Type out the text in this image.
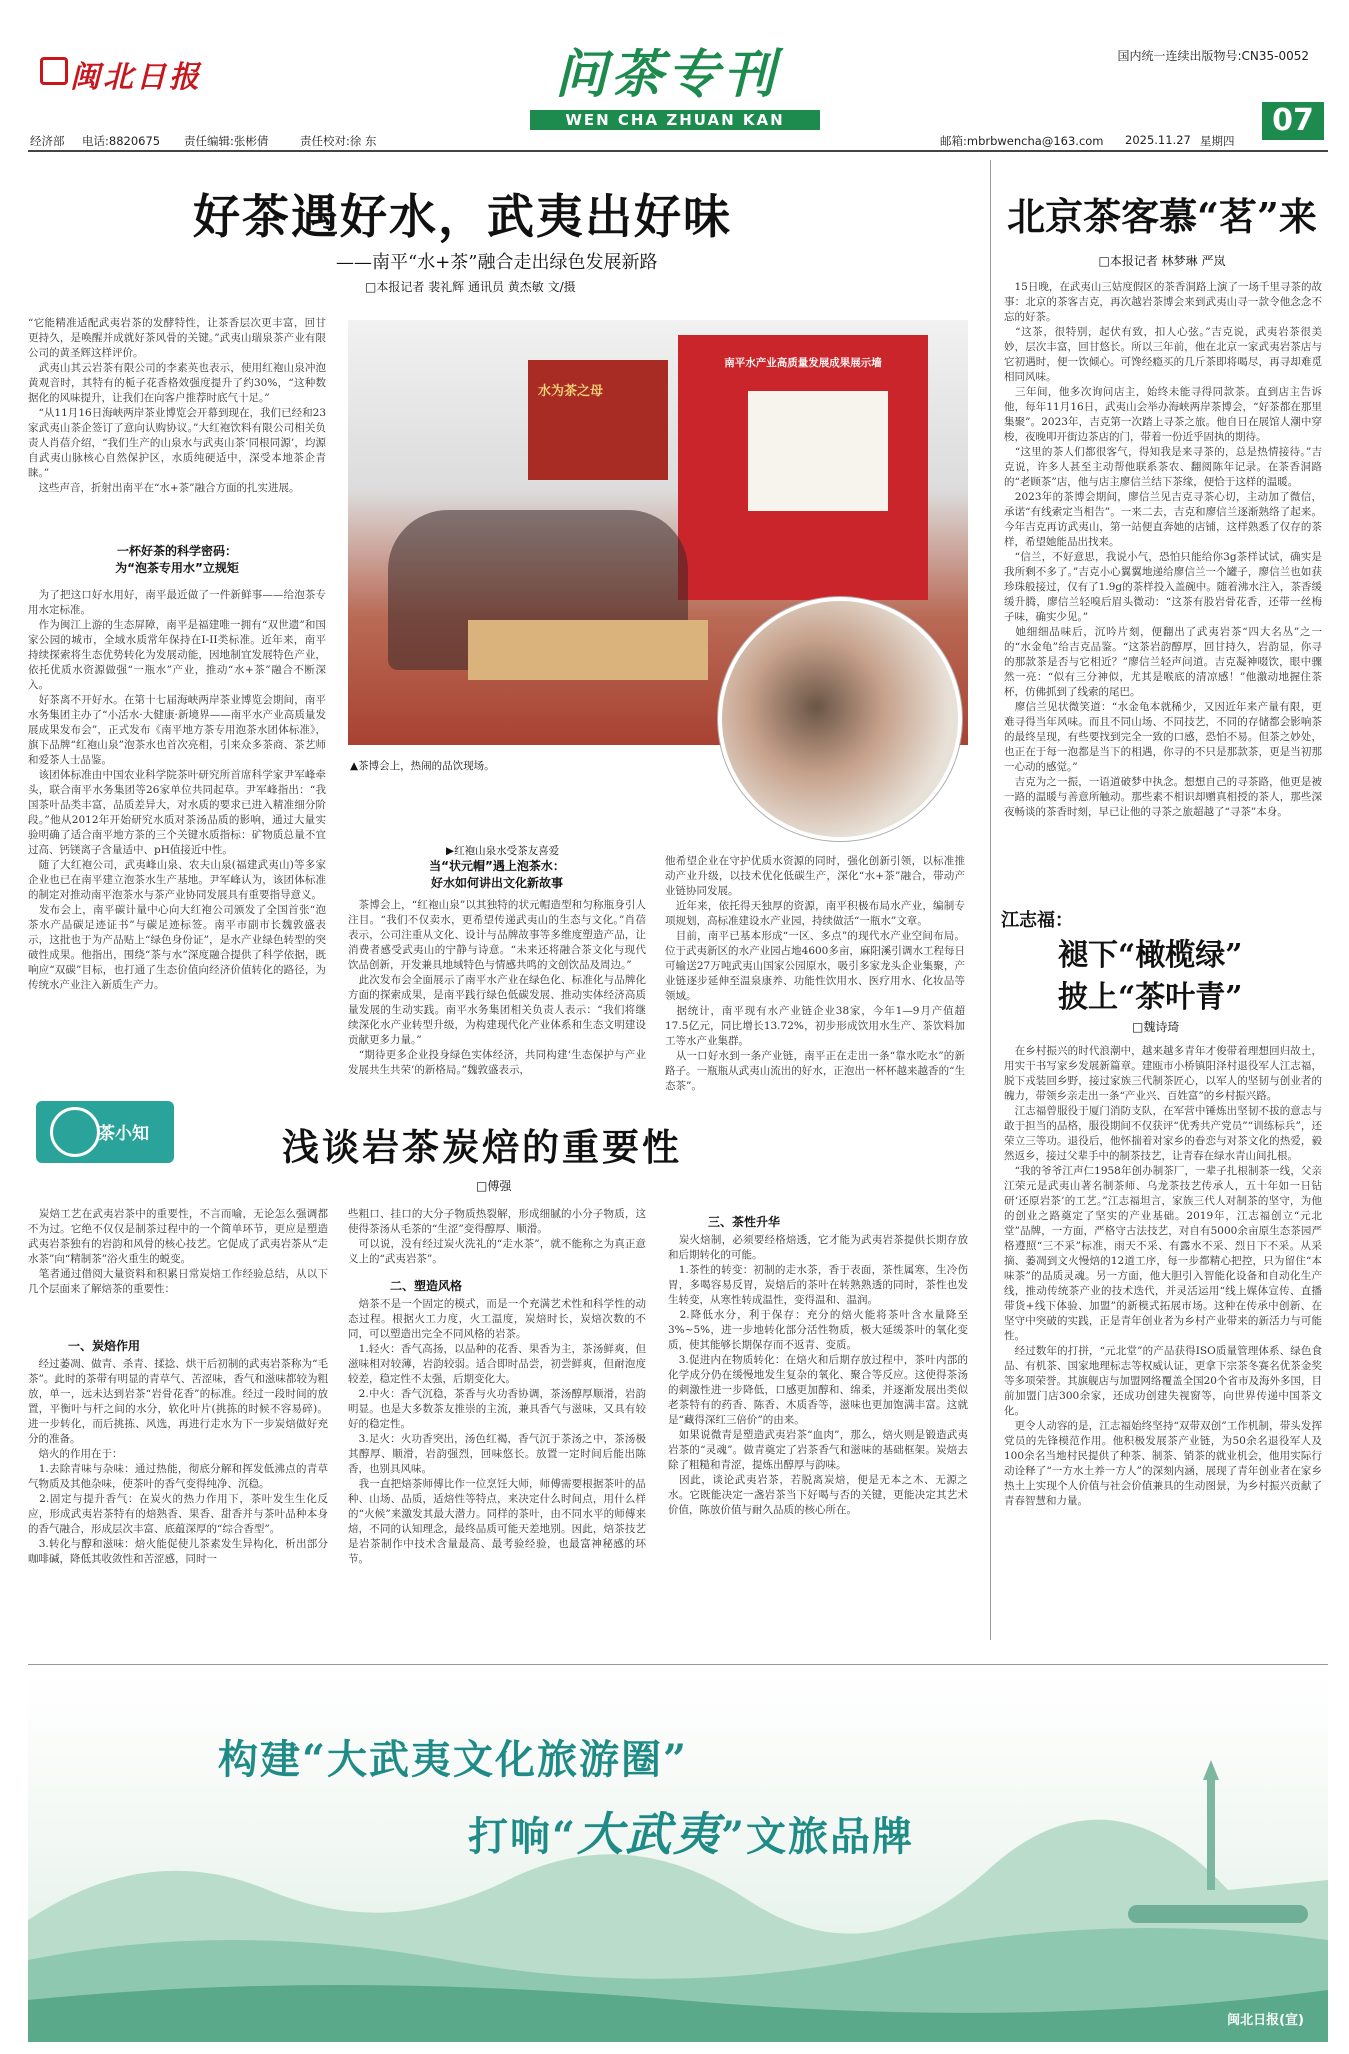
闽北日报	问茶专刊
WEN CHA ZHUAN KAN
国内统一连续出版物号:CN35-0052
07
经济部 电话:8820675 责任编辑:张彬倩	责任校对:徐 东	邮箱:mbrbwencha@163.com 2025.11.27 星期四
好茶遇好水，武夷出好味
——南平“水+茶”融合走出绿色发展新路
□本报记者 裴礼辉 通讯员 黄杰敏 文/摄
“它能精准适配武夷岩茶的发酵特性，让茶香层次更丰富，回甘更持久，是唤醒并成就好茶风骨的关键。”武夷山瑞泉茶产业有限公司的黄圣辉这样评价。
　武夷山其云岩茶有限公司的李素英也表示，使用红袍山泉冲泡黄观音时，其特有的栀子花香格效强度提升了约30%，“这种数据化的风味提升，让我们在向客户推荐时底气十足。”
　“从11月16日海峡两岸茶业博览会开幕到现在，我们已经和23家武夷山茶企签订了意向认购协议。”大红袍饮料有限公司相关负责人肖蓓介绍，“我们生产的山泉水与武夷山茶‘同根同源’，均源自武夷山脉核心自然保护区，水质纯硬适中，深受本地茶企青睐。”
　这些声音，折射出南平在“水+茶”融合方面的扎实进展。
一杯好茶的科学密码：
为“泡茶专用水”立规矩
　为了把这口好水用好，南平最近做了一件新鲜事——给泡茶专用水定标准。
　作为闽江上游的生态屏障，南平是福建唯一拥有“双世遗”和国家公园的城市，全域水质常年保持在I-II类标准。近年来，南平持续探索将生态优势转化为发展动能，因地制宜发展特色产业，依托优质水资源做强“一瓶水”产业，推动“水+茶”融合不断深入。
　好茶离不开好水。在第十七届海峡两岸茶业博览会期间，南平水务集团主办了“小活水·大健康·新境界——南平水产业高质量发展成果发布会”，正式发布《南平地方茶专用泡茶水团体标准》，旗下品牌“红袍山泉”泡茶水也首次亮相，引来众多茶商、茶艺师和爱茶人士品鉴。
　该团体标准由中国农业科学院茶叶研究所首席科学家尹军峰牵头，联合南平水务集团等26家单位共同起草。尹军峰指出：“我国茶叶品类丰富，品质差异大，对水质的要求已进入精准细分阶段。”他从2012年开始研究水质对茶汤品质的影响，通过大量实验明确了适合南平地方茶的三个关键水质指标：矿物质总量不宜过高、钙镁离子含量适中、pH值接近中性。
　随了大红袍公司，武夷峰山泉、农夫山泉(福建武夷山)等多家企业也已在南平建立泡茶水生产基地。尹军峰认为，该团体标准的制定对推动南平泡茶水与茶产业协同发展具有重要指导意义。
　发布会上，南平碳计量中心向大红袍公司颁发了全国首张“泡茶水产品碳足迹证书”与碳足迹标签。南平市副市长魏敦盛表示，这批也于为产品贴上“绿色身份证”，是水产业绿色转型的突破性成果。他指出，围绕“茶与水”深度融合提供了科学依据，既响应“双碳”目标，也打通了生态价值向经济价值转化的路径，为传统水产业注入新质生产力。
南平水产业高质量发展成果展示墙
水为茶之母
▲茶博会上，热闹的品饮现场。
▶红袍山泉水受茶友喜爱
当“状元帽”遇上泡茶水：
好水如何讲出文化新故事
　茶博会上，“红袍山泉”以其独特的状元帽造型和匀称瓶身引人注目。“我们不仅卖水，更希望传递武夷山的生态与文化。”肖蓓表示，公司注重从文化、设计与品牌故事等多维度塑造产品，让消费者感受武夷山的宁静与诗意。“未来还将融合茶文化与现代饮品创新，开发兼具地域特色与情感共鸣的文创饮品及周边。”
　此次发布会全面展示了南平水产业在绿色化、标准化与品牌化方面的探索成果，是南平践行绿色低碳发展、推动实体经济高质量发展的生动实践。南平水务集团相关负责人表示：“我们将继续深化水产业转型升级，为构建现代化产业体系和生态文明建设贡献更多力量。”
　“期待更多企业投身绿色实体经济，共同构建‘生态保护与产业发展共生共荣’的新格局。”魏敦盛表示，
他希望企业在守护优质水资源的同时，强化创新引领，以标准推动产业升级，以技术优化低碳生产，深化“水+茶”融合，带动产业链协同发展。
　近年来，依托得天独厚的资源，南平积极布局水产业，编制专项规划，高标准建设水产业园，持续做活“一瓶水”文章。
　目前，南平已基本形成“一区、多点”的现代水产业空间布局。位于武夷新区的水产业园占地4600多亩，麻阳溪引调水工程每日可输送27万吨武夷山国家公园原水，吸引多家龙头企业集聚，产业链逐步延伸至温泉康养、功能性饮用水、医疗用水、化妆品等领域。
　据统计，南平现有水产业链企业38家，今年1—9月产值超17.5亿元，同比增长13.72%，初步形成饮用水生产、茶饮料加工等水产业集群。
　从一口好水到一条产业链，南平正在走出一条“靠水吃水”的新路子。一瓶瓶从武夷山流出的好水，正泡出一杯杯越来越香的“生态茶”。
北京茶客慕“茗”来
□本报记者 林梦琳 严岚
　15日晚，在武夷山三姑度假区的茶香洞路上演了一场千里寻茶的故事：北京的茶客吉克，再次越岩茶博会来到武夷山寻一款令他念念不忘的好茶。
　“这茶，很特别，起伏有致，扣人心弦。”吉克说，武夷岩茶很美妙，层次丰富，回甘悠长。所以三年前，他在北京一家武夷岩茶店与它初遇时，便一饮倾心。可馋经瘾买的几斤茶即将喝尽，再寻却难觅相同风味。
　三年间，他多次询问店主，始终未能寻得同款茶。直到店主告诉他，每年11月16日，武夷山会举办海峡两岸茶博会，“好茶都在那里集聚”。2023年，吉克第一次踏上寻茶之旅。他自日在展馆人潮中穿梭，夜晚叩开街边茶店的门，带着一份近乎固执的期待。
　“这里的茶人们都很客气，得知我是来寻茶的，总是热情接待。”吉克说，许多人甚至主动帮他联系茶农、翻阅陈年记录。在茶香洞路的“老顾茶”店，他与店主廖信兰结下茶缘，便恰于这样的温暖。
　2023年的茶博会期间，廖信兰见吉克寻茶心切，主动加了微信，承诺“有线索定当相告”。一来二去，吉克和廖信兰逐渐熟络了起来。今年吉克再访武夷山，第一站便直奔她的店铺，这样熟悉了仅存的茶样，希望她能品出找来。
　“信兰，不好意思，我说小气，恐怕只能给你3g茶样试试，确实是我所剩不多了。”吉克小心翼翼地递给廖信兰一个罐子，廖信兰也如获珍珠般接过，仅有了1.9g的茶样投入盖碗中。随着沸水注入，茶香缓缓升腾，廖信兰轻嗅后眉头微动：“这茶有股岩骨花香，还带一丝梅子味，确实少见。”
　她细细品味后，沉吟片刻，便翻出了武夷岩茶“四大名丛”之一的“水金龟”给吉克品鉴。“这茶岩韵醇厚，回甘持久，岩韵显，你寻的那款茶是否与它相近？”廖信兰轻声问道。吉克凝神啜饮，眼中骤然一亮：“似有三分神似，尤其是喉底的清凉感！”他激动地握住茶杯，仿佛抓到了线索的尾巴。
　廖信兰见状微笑道：“水金龟本就稀少，又因近年来产量有限，更难寻得当年风味。而且不同山场、不同技艺，不同的存储都会影响茶的最终呈现，有些要找到完全一致的口感，恐怕不易。但茶之妙处，也正在于每一泡都是当下的相遇，你寻的不只是那款茶，更是当初那一心动的感觉。”
　吉克为之一振，一语道破梦中执念。想想自己的寻茶路，他更是被一路的温暖与善意所触动。那些素不相识却赠真相授的茶人，那些深夜畅谈的茶香时刻，早已让他的寻茶之旅超越了“寻茶”本身。
江志福：
褪下“橄榄绿”
披上“茶叶青”
□魏诗琦
　在乡村振兴的时代浪潮中，越来越多青年才俊带着理想回归故土，用实干书写家乡发展新篇章。建瓯市小桥镇阳泽村退役军人江志福，脱下戎装回乡野，接过家族三代制茶匠心，以军人的坚韧与创业者的魄力，带领乡亲走出一条“产业兴、百姓富”的乡村振兴路。
　江志福曾服役于厦门消防支队，在军营中锤炼出坚韧不拔的意志与敢于担当的品格，服役期间不仅获评“优秀共产党员”“训练标兵”，还荣立三等功。退役后，他怀揣着对家乡的眷恋与对茶文化的热爱，毅然返乡，接过父辈手中的制茶技艺，让青春在绿水青山间扎根。
　“我的爷爷江声仁1958年创办制茶厂，一辈子扎根制茶一线，父亲江荣元是武夷山著名制茶师、乌龙茶技艺传承人，五十年如一日钻研‘还原岩茶’的工艺。”江志福坦言，家族三代人对制茶的坚守，为他的创业之路奠定了坚实的产业基础。2019年，江志福创立“元北堂”品牌，一方面，严格守古法技艺，对自有5000余亩原生态茶园严格遵照“三不采”标准，雨天不采、有露水不采、烈日下不采。从采摘、萎凋到文火慢焙的12道工序，每一步都精心把控，只为留住“本味茶”的品质灵魂。另一方面，他大胆引入智能化设备和自动化生产线，推动传统茶产业的技术迭代，并灵活运用“线上媒体宣传、直播带货+线下体验、加盟”的新模式拓展市场。这种在传承中创新、在坚守中突破的实践，正是青年创业者为乡村产业带来的新活力与可能性。
　经过数年的打拼，“元北堂”的产品获得ISO质量管理体系、绿色食品、有机茶、国家地理标志等权威认证，更拿下宗茶冬赛名优茶金奖等多项荣誉。其旗舰店与加盟网络覆盖全国20个省市及海外多国，目前加盟门店300余家，还成功创建失视窗等，向世界传递中国茶文化。
　更令人动容的是，江志福始终坚持“双带双创”工作机制，带头发挥党员的先锋模范作用。他积极发展茶产业链，为50余名退役军人及100余名当地村民提供了种茶、制茶、销茶的就业机会，他用实际行动诠释了“一方水土养一方人”的深刻内涵，展现了青年创业者在家乡热土上实现个人价值与社会价值兼具的生动图景，为乡村振兴贡献了青春智慧和力量。
茶小知	浅谈岩茶炭焙的重要性
□傅强
　炭焙工艺在武夷岩茶中的重要性，不言而喻，无论怎么强调都不为过。它绝不仅仅是制茶过程中的一个简单环节，更应是塑造武夷岩茶独有的岩韵和风骨的核心技艺。它促成了武夷岩茶从“走水茶”向“精制茶”浴火重生的蜕变。
　笔者通过借阅大量资料和积累日常炭焙工作经验总结，从以下几个层面来了解焙茶的重要性：
一、炭焙作用
　经过萎凋、做青、杀青、揉捻、烘干后初制的武夷岩茶称为“毛茶”。此时的茶带有明显的青草气、苦涩味，香气和滋味都较为粗放，单一，远未达到岩茶“岩骨花香”的标准。经过一段时间的放置，平衡叶与杆之间的水分，软化叶片(挑拣的时候不容易碎)。进一步转化，而后挑拣、风选，再进行走水为下一步炭焙做好充分的准备。
　焙火的作用在于：
　1.去除青味与杂味：通过热能，彻底分解和挥发低沸点的青草气物质及其他杂味，使茶叶的香气变得纯净、沉稳。
　2.固定与提升香气：在炭火的热力作用下，茶叶发生生化反应，形成武夷岩茶特有的焙熟香、果香、甜香并与茶叶品种本身的香气融合，形成层次丰富、底蕴深厚的“综合香型”。
　3.转化与醇和滋味：焙火能促使儿茶素发生异构化，析出部分咖啡碱，降低其收敛性和苦涩感，同时一
些粗口、挂口的大分子物质热裂解，形成细腻的小分子物质，这使得茶汤从毛茶的“生涩”变得醇厚、顺滑。
　可以说，没有经过炭火洗礼的“走水茶”，就不能称之为真正意义上的“武夷岩茶”。
二、塑造风格
　焙茶不是一个固定的模式，而是一个充满艺术性和科学性的动态过程。根据火工力度，火工温度，炭焙时长，炭焙次数的不同，可以塑造出完全不同风格的岩茶。
　1.轻火：香气高扬，以品种的花香、果香为主，茶汤鲜爽，但滋味相对较薄，岩韵较弱。适合即时品尝，初尝鲜爽，但耐泡度较差，稳定性不太强，后期变化大。
　2.中火：香气沉稳，茶香与火功香协调，茶汤醇厚顺滑，岩韵明显。也是大多数茶友推崇的主流，兼具香气与滋味，又具有较好的稳定性。
　3.足火：火功香突出，汤色红褐，香气沉于茶汤之中，茶汤极其醇厚、顺滑，岩韵强烈，回味悠长。放置一定时间后能出陈香，也别具风味。
　我一直把焙茶师傅比作一位烹饪大师，师傅需要根据茶叶的品种、山场、品质，适焙性等特点，来决定什么时间点，用什么样的“火候”来激发其最大潜力。同样的茶叶，由不同水平的师傅来焙，不同的认知理念，最终品质可能天差地别。因此，焙茶技艺是岩茶制作中技术含量最高、最考验经验，也最富神秘感的环节。
三、茶性升华
　炭火焙制，必须要经格焙透，它才能为武夷岩茶提供长期存放和后期转化的可能。
　1.茶性的转变：初制的走水茶，香于表面，茶性属寒，生冷伤胃，多喝容易反胃，炭焙后的茶叶在转熟熟透的同时，茶性也发生转变，从寒性转成温性，变得温和、温润。
　2.降低水分，利于保存：充分的焙火能将茶叶含水量降至3%~5%，进一步地转化部分活性物质，极大延缓茶叶的氧化变质，使其能够长期保存而不返青、变质。
　3.促进内在物质转化：在焙火和后期存放过程中，茶叶内部的化学成分仍在缓慢地发生复杂的氧化、聚合等反应。这使得茶汤的刺激性进一步降低，口感更加醇和、绵柔，并逐渐发展出类似老茶特有的药香、陈香、木质香等，滋味也更加饱满丰富。这就是“藏得深红三倍价”的由来。
　如果说微青是塑造武夷岩茶“血肉”，那么，焙火则是锻造武夷岩茶的“灵魂”。做青奠定了岩茶香气和滋味的基础框架。炭焙去除了粗糙和青涩，提炼出醇厚与韵味。
　因此，谈论武夷岩茶，若脱离炭焙，便是无本之木、无源之水。它既能决定一盏岩茶当下好喝与否的关键，更能决定其艺术价值，陈放价值与耐久品质的核心所在。
构建“大武夷文化旅游圈”
打响“大武夷”文旅品牌
闽北日报(宣)
